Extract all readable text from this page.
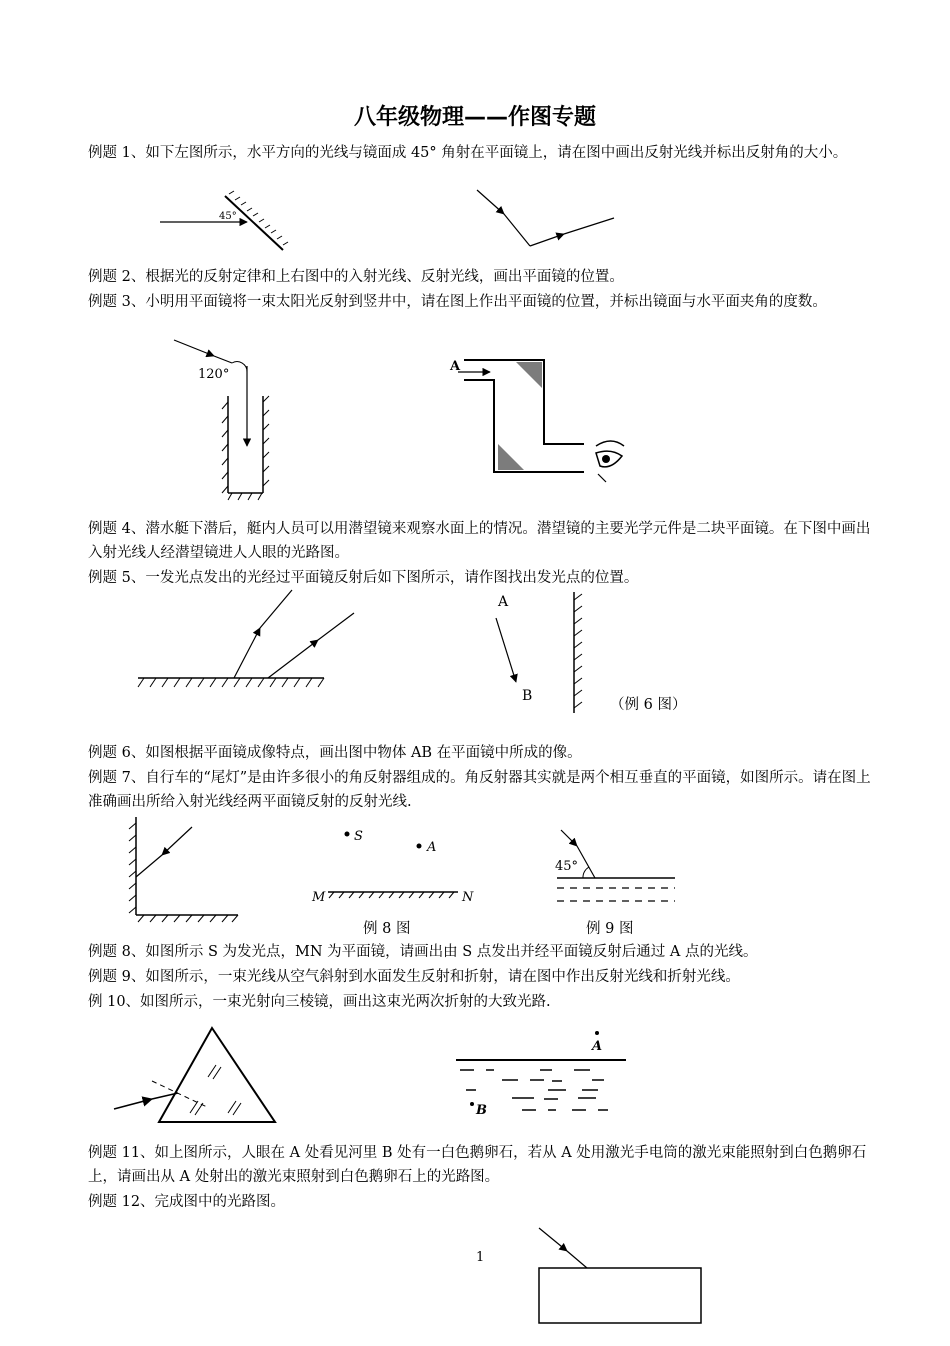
八年级物理——作图专题
例题 1、如下左图所示，水平方向的光线与镜面成 45° 角射在平面镜上，请在图中画出反射光线并标出反射角的大小。
例题 2、根据光的反射定律和上右图中的入射光线、反射光线，画出平面镜的位置。
例题 3、小明用平面镜将一束太阳光反射到竖井中，请在图上作出平面镜的位置，并标出镜面与水平面夹角的度数。
例题 4、潜水艇下潜后，艇内人员可以用潜望镜来观察水面上的情况。潜望镜的主要光学元件是二块平面镜。在下图中画出入射光线人经潜望镜进人人眼的光路图。
例题 5、一发光点发出的光经过平面镜反射后如下图所示，请作图找出发光点的位置。
例题 6、如图根据平面镜成像特点，画出图中物体 AB 在平面镜中所成的像。
例题 7、自行车的“尾灯”是由许多很小的角反射器组成的。角反射器其实就是两个相互垂直的平面镜，如图所示。请在图上准确画出所给入射光线经两平面镜反射的反射光线.
例题 8、如图所示 S 为发光点，MN 为平面镜，请画出由 S 点发出并经平面镜反射后通过 A 点的光线。
例题 9、如图所示，一束光线从空气斜射到水面发生反射和折射，请在图中作出反射光线和折射光线。
例 10、如图所示，一束光射向三棱镜，画出这束光两次折射的大致光路.
例题 11、如上图所示，人眼在 A 处看见河里 B 处有一白色鹅卵石，若从 A 处用激光手电筒的激光束能照射到白色鹅卵石上，请画出从 A 处射出的激光束照射到白色鹅卵石上的光路图。
例题 12、完成图中的光路图。
45°
120°
A
A
B
（例 6 图）
S
A
M	N
例 8 图
45°
例 9 图
A
B
1
